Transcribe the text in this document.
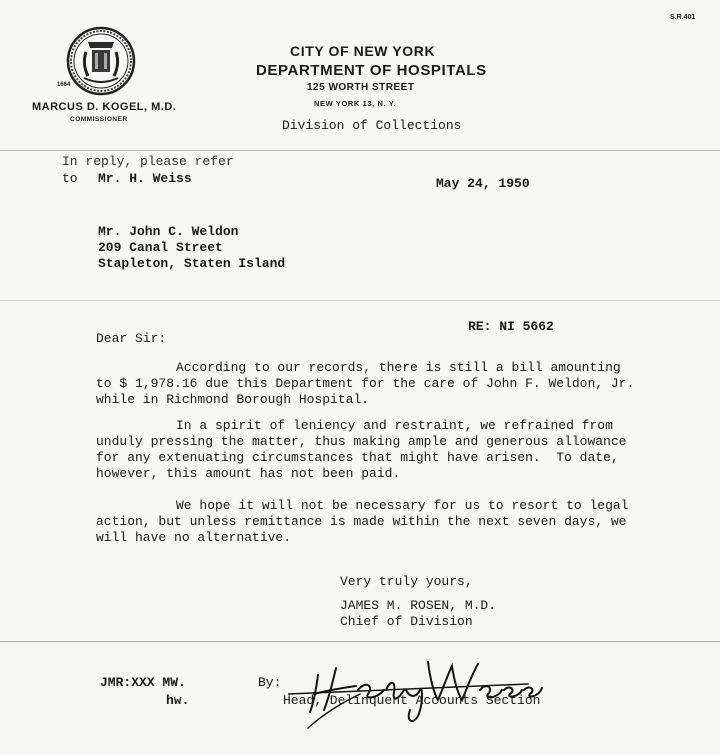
S.R.401
1664
MARCUS D. KOGEL, M.D.
COMMISSIONER
CITY OF NEW YORK
DEPARTMENT OF HOSPITALS
125 WORTH STREET
NEW YORK 13, N. Y.
Division of Collections
In reply, please refer
to Mr. H. Weiss	May 24, 1950
Mr. John C. Weldon
209 Canal Street
Stapleton, Staten Island
RE: NI 5662
Dear Sir:
According to our records, there is still a bill amounting
to $ 1,978.16 due this Department for the care of John F. Weldon, Jr.
while in Richmond Borough Hospital.
In a spirit of leniency and restraint, we refrained from
unduly pressing the matter, thus making ample and generous allowance
for any extenuating circumstances that might have arisen.  To date,
however, this amount has not been paid.
We hope it will not be necessary for us to resort to legal
action, but unless remittance is made within the next seven days, we
will have no alternative.
Very truly yours,
JAMES M. ROSEN, M.D.
Chief of Division
JMR:XXX MW.
hw.
By:
Head, Delinquent Accounts Section
